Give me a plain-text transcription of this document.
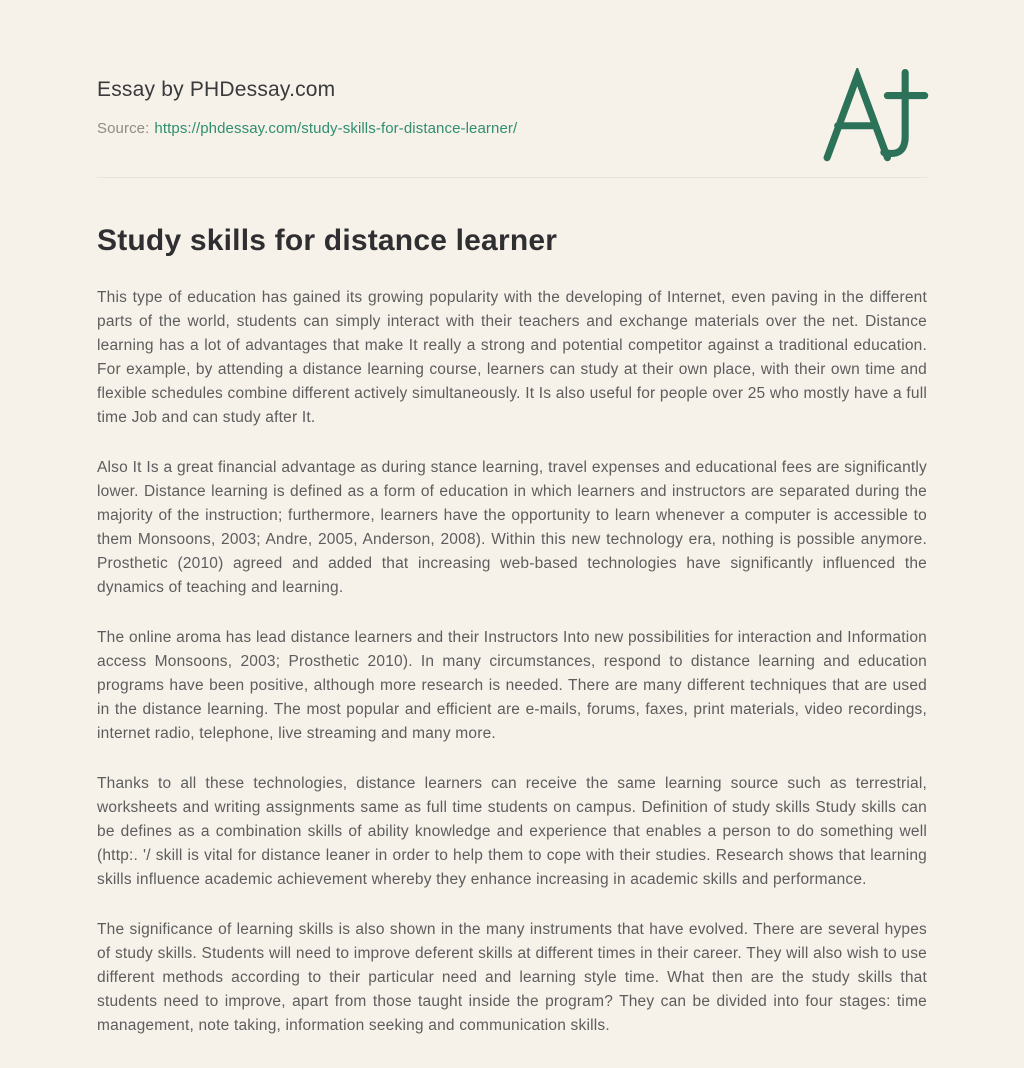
Essay by PHDessay.com
Source: https://phdessay.com/study-skills-for-distance-learner/
Study skills for distance learner

This type of education has gained its growing popularity with the developing of Internet, even paving in the different parts of the world, students can simply interact with their teachers and exchange materials over the net. Distance learning has a lot of advantages that make It really a strong and potential competitor against a traditional education. For example, by attending a distance learning course, learners can study at their own place, with their own time and flexible schedules combine different actively simultaneously. It Is also useful for people over 25 who mostly have a full time Job and can study after It.

Also It Is a great financial advantage as during stance learning, travel expenses and educational fees are significantly lower. Distance learning is defined as a form of education in which learners and instructors are separated during the majority of the instruction; furthermore, learners have the opportunity to learn whenever a computer is accessible to them Monsoons, 2003; Andre, 2005, Anderson, 2008). Within this new technology era, nothing is possible anymore. Prosthetic (2010) agreed and added that increasing web-based technologies have significantly influenced the dynamics of teaching and learning.

The online aroma has lead distance learners and their Instructors Into new possibilities for interaction and Information access Monsoons, 2003; Prosthetic 2010). In many circumstances, respond to distance learning and education programs have been positive, although more research is needed. There are many different techniques that are used in the distance learning. The most popular and efficient are e-mails, forums, faxes, print materials, video recordings, internet radio, telephone, live streaming and many more.

Thanks to all these technologies, distance learners can receive the same learning source such as terrestrial, worksheets and writing assignments same as full time students on campus. Definition of study skills Study skills can be defines as a combination skills of ability knowledge and experience that enables a person to do something well (http:. '/ skill is vital for distance leaner in order to help them to cope with their studies. Research shows that learning skills influence academic achievement whereby they enhance increasing in academic skills and performance.

The significance of learning skills is also shown in the many instruments that have evolved. There are several hypes of study skills. Students will need to improve deferent skills at different times in their career. They will also wish to use different methods according to their particular need and learning style time. What then are the study skills that students need to improve, apart from those taught inside the program? They can be divided into four stages: time management, note taking, information seeking and communication skills.
